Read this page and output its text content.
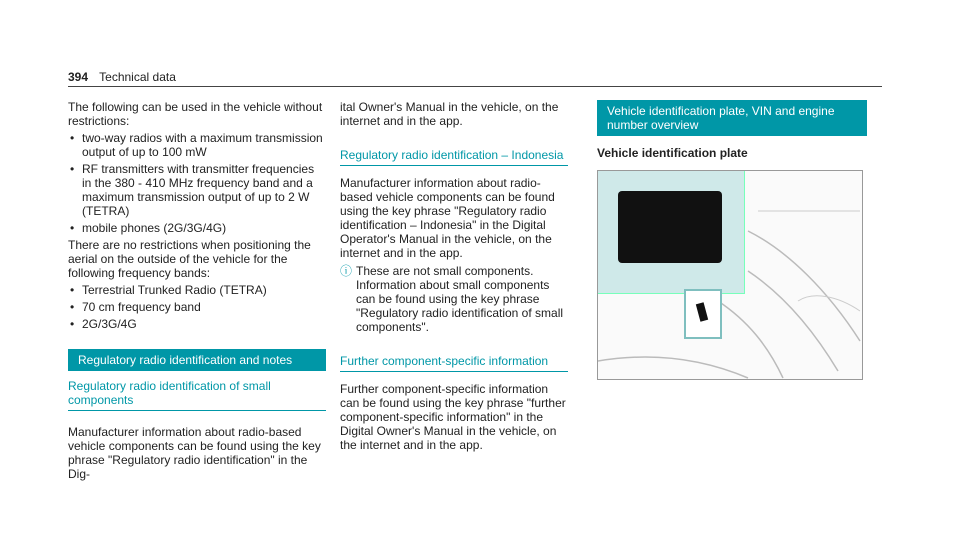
394 Technical data

The following can be used in the vehicle without restrictions:

• two-way radios with a maximum transmission output of up to 100 mW
• RF transmitters with transmitter frequencies in the 380 - 410 MHz frequency band and a maximum transmission output of up to 2 W (TETRA)
• mobile phones (2G/3G/4G)

There are no restrictions when positioning the aerial on the outside of the vehicle for the following frequency bands:

• Terrestrial Trunked Radio (TETRA)
• 70 cm frequency band
• 2G/3G/4G
Regulatory radio identification and notes
Regulatory radio identification of small components

Manufacturer information about radio-based vehicle components can be found using the key phrase "Regulatory radio identification" in the Dig-

ital Owner's Manual in the vehicle, on the internet and in the app.

Regulatory radio identification – Indonesia

Manufacturer information about radio-based vehicle components can be found using the key phrase "Regulatory radio identification – Indonesia" in the Digital Operator's Manual in the vehicle, on the internet and in the app.

ⓘ These are not small components. Information about small components can be found using the key phrase "Regulatory radio identification of small components".
Further component-specific information

Further component-specific information can be found using the key phrase "further component-specific information" in the Digital Owner's Manual in the vehicle, on the internet and in the app.

Vehicle identification plate, VIN and engine number overview
Vehicle identification plate
